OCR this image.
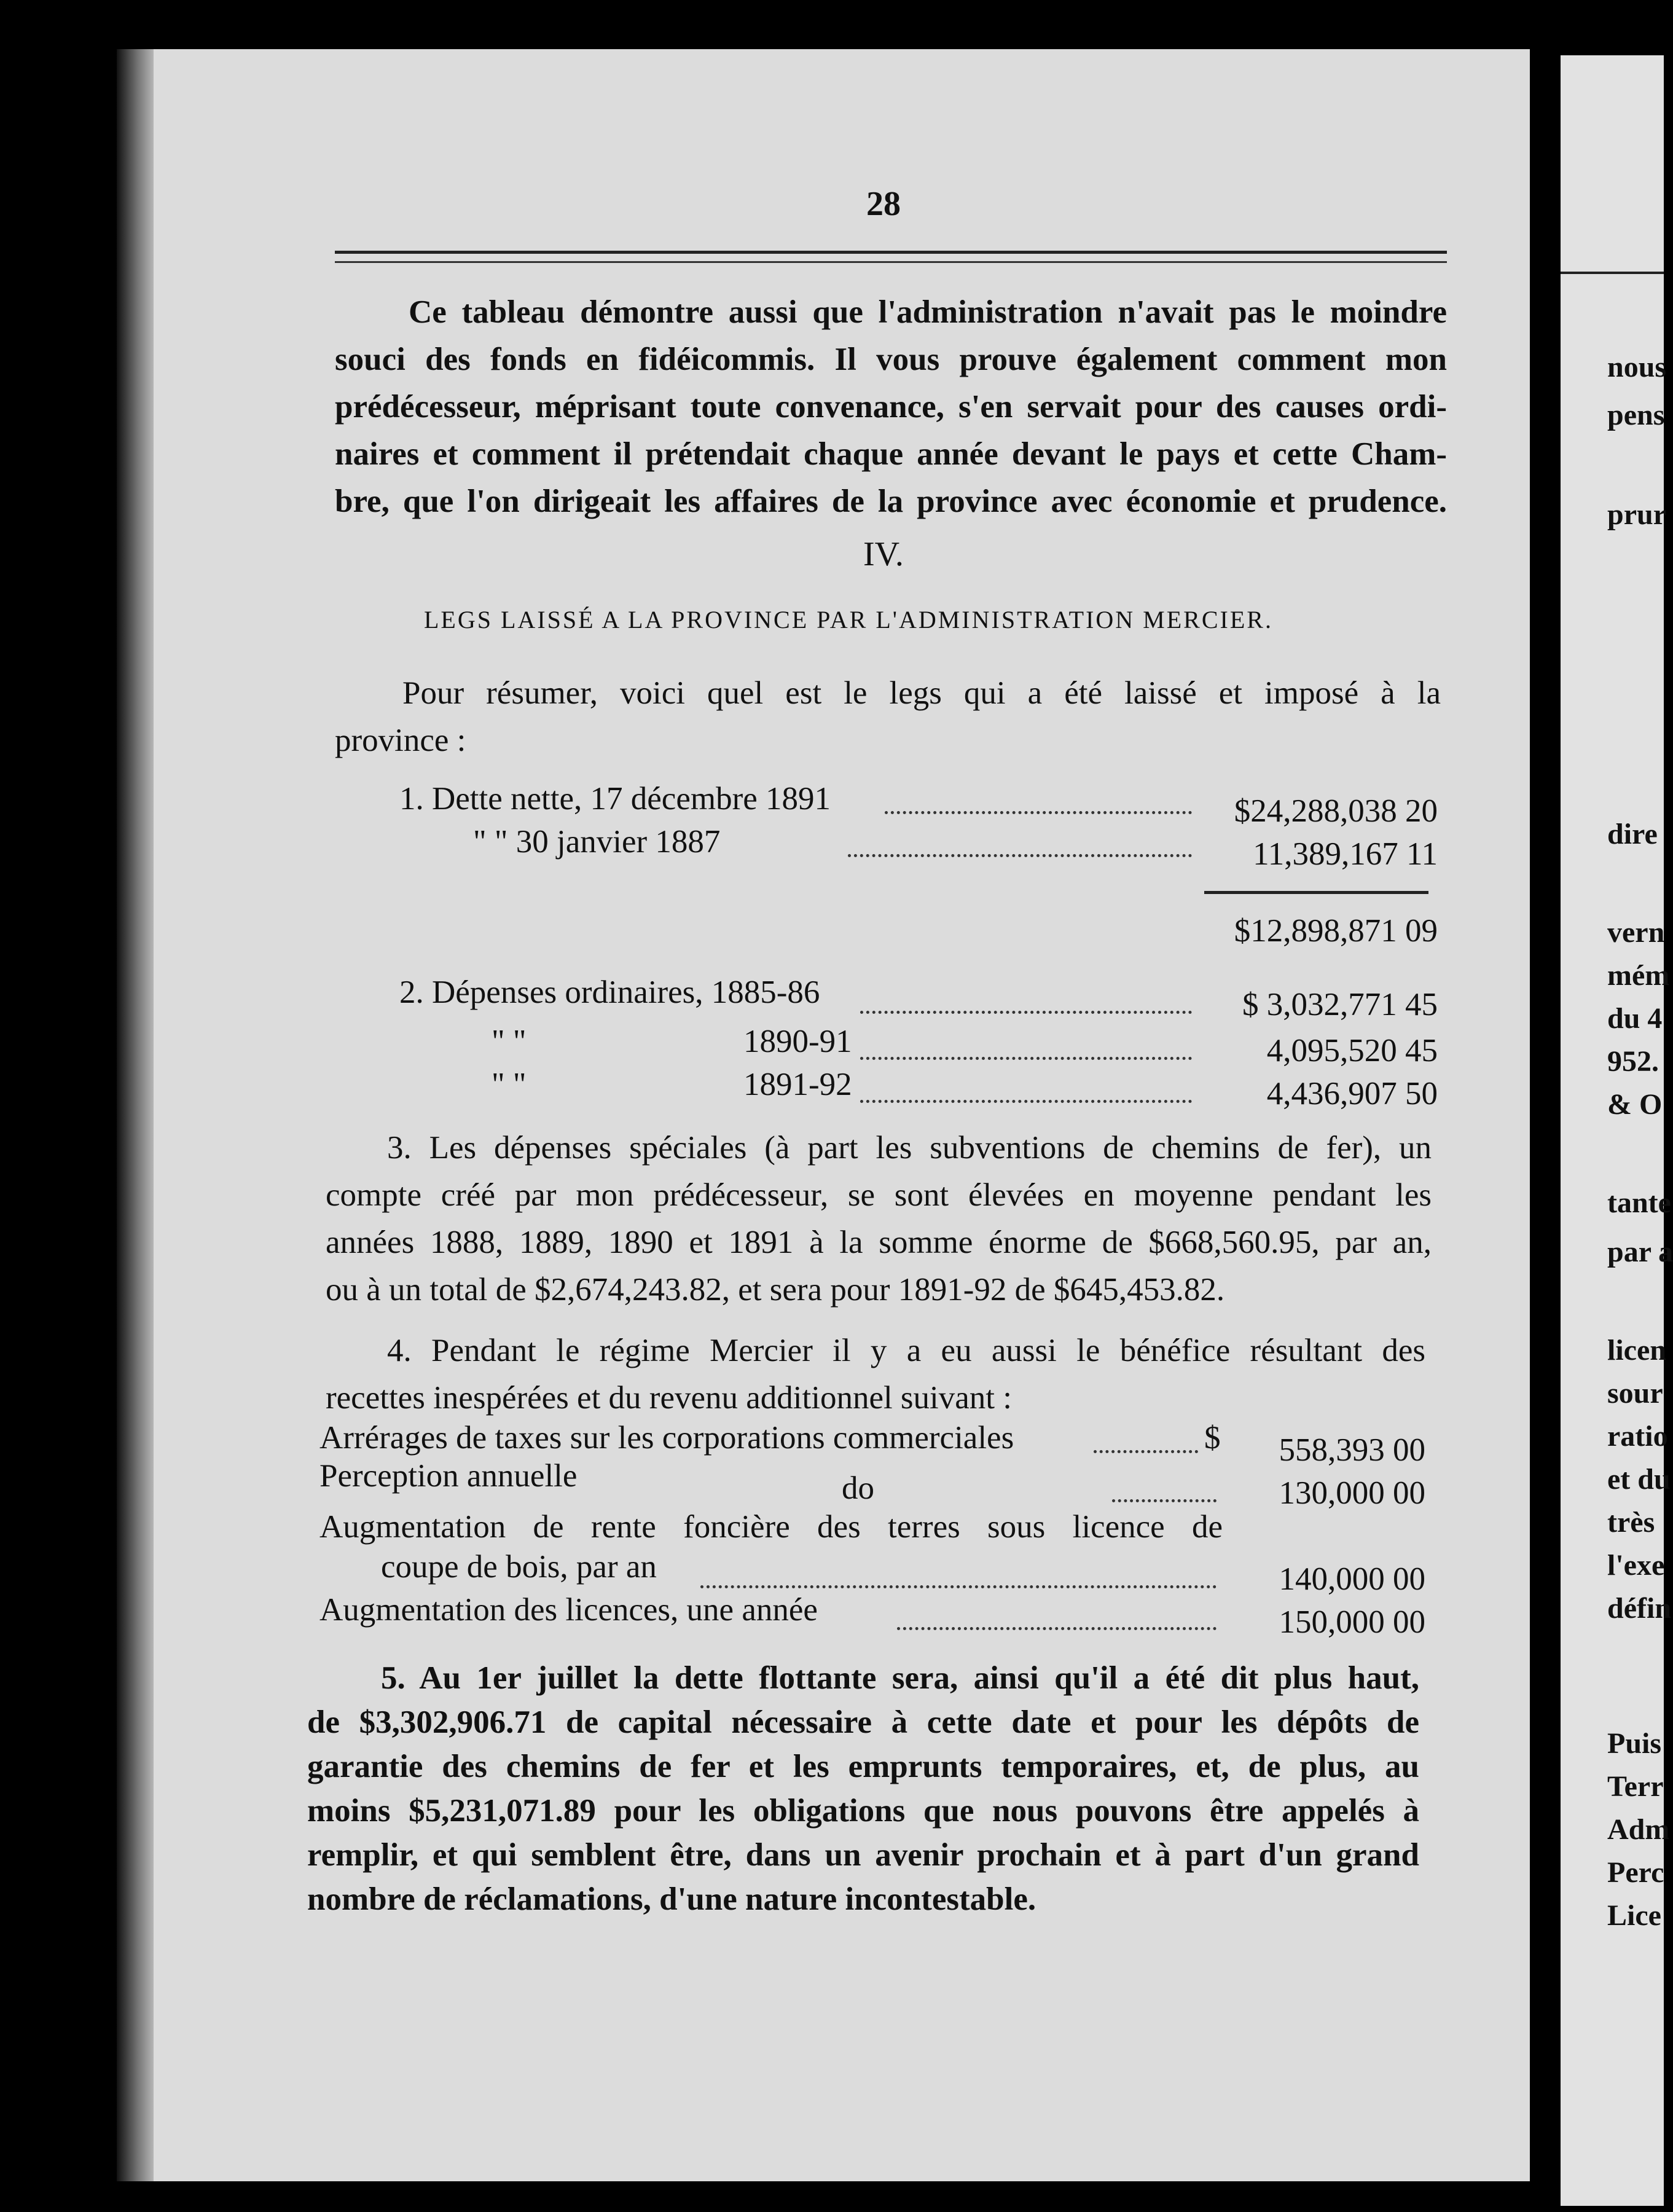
nous
pens
prur
dire
vern
mém
du 4
952.
& O
tante
par a
licen
sour
ratio
et du
très
l'exe
défin
Puis
Terr
Adm
Perc
Lice
28
Ce tableau démontre aussi que l'administration n'avait pas le moindre
souci des fonds en fidéicommis. Il vous prouve également comment mon
prédécesseur, méprisant toute convenance, s'en servait pour des causes ordi-
naires et comment il prétendait chaque année devant le pays et cette Cham-
bre, que l'on dirigeait les affaires de la province avec économie et prudence.
IV.
LEGS LAISSÉ A LA PROVINCE PAR L'ADMINISTRATION MERCIER.
Pour résumer, voici quel est le legs qui a été laissé et imposé à la
province :
1. Dette nette, 17 décembre 1891	$24,288,038 20
" " 30 janvier 1887	11,389,167 11
$12,898,871 09
2. Dépenses ordinaires, 1885-86	$ 3,032,771 45
" "	1890-91	4,095,520 45
" "	1891-92	4,436,907 50
3. Les dépenses spéciales (à part les subventions de chemins de fer), un
compte créé par mon prédécesseur, se sont élevées en moyenne pendant les
années 1888, 1889, 1890 et 1891 à la somme énorme de $668,560.95, par an,
ou à un total de $2,674,243.82, et sera pour 1891-92 de $645,453.82.
4. Pendant le régime Mercier il y a eu aussi le bénéfice résultant des
recettes inespérées et du revenu additionnel suivant :
Arrérages de taxes sur les corporations commerciales	$	558,393 00
Perception annuelle	do	130,000 00
Augmentation de rente foncière des terres sous licence de
coupe de bois, par an	140,000 00
Augmentation des licences, une année	150,000 00
5. Au 1er juillet la dette flottante sera, ainsi qu'il a été dit plus haut,
de $3,302,906.71 de capital nécessaire à cette date et pour les dépôts de
garantie des chemins de fer et les emprunts temporaires, et, de plus, au
moins $5,231,071.89 pour les obligations que nous pouvons être appelés à
remplir, et qui semblent être, dans un avenir prochain et à part d'un grand
nombre de réclamations, d'une nature incontestable.
